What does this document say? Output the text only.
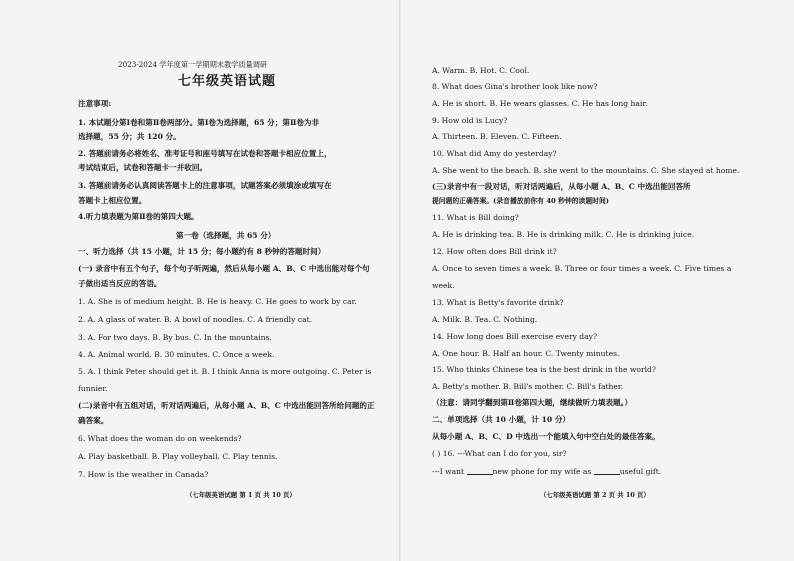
2023-2024 学年度第一学期期末教学质量调研
七年级英语试题
注意事项:
1. 本试题分第Ⅰ卷和第Ⅱ卷两部分。第Ⅰ卷为选择题，65 分；第Ⅱ卷为非
选择题，55 分；共 120 分。
2. 答题前请务必将姓名、准考证号和座号填写在试卷和答题卡相应位置上，
考试结束后，试卷和答题卡一并收回。
3. 答题前请务必认真阅读答题卡上的注意事项，试题答案必须填涂或填写在
答题卡上相应位置。
4.听力填表题为第Ⅱ卷的第四大题。
第一卷（选择题，共 65 分）
一、听力选择（共 15 小题，计 15 分；每小题约有 8 秒钟的答题时间）
(一) 录音中有五个句子，每个句子听两遍，然后从每小题 A、B、C 中选出能对每个句
子做出适当反应的答语。
1. A. She is of medium height. B. He is heavy. C. He goes to work by car.
2. A. A glass of water. B. A bowl of noodles. C. A friendly cat.
3. A. For two days. B. By bus. C. In the mountains.
4. A. Animal world. B. 30 minutes. C. Once a week.
5. A. I think Peter should get it. B. I think Anna is more outgoing. C. Peter is
funnier.
(二)录音中有五组对话，听对话两遍后，从每小题 A、B、C 中选出能回答所给问题的正
确答案。
6. What does the woman do on weekends?
A. Play basketball. B. Play volleyball. C. Play tennis.
7. How is the weather in Canada?
（七年级英语试题 第 1 页 共 10 页）
A. Warm. B. Hot. C. Cool.
8. What does Gina's brother look like now?
A. He is short. B. He wears glasses. C. He has long hair.
9. How old is Lucy?
A. Thirteen. B. Eleven. C. Fifteen.
10. What did Amy do yesterday?
A. She went to the beach. B. she went to the mountains. C. She stayed at home.
(三)录音中有一段对话，听对话两遍后，从每小题 A、B、C 中选出能回答所
提问题的正确答案。(录音播放前你有 40 秒钟的读题时间)
11. What is Bill doing?
A. He is drinking tea. B. He is drinking milk. C. He is drinking juice.
12. How often does Bill drink it?
A. Once to seven times a week. B. Three or four times a week. C. Five times a
week.
13. What is Betty's favorite drink?
A. Milk. B. Tea. C. Nothing.
14. How long does Bill exercise every day?
A. One hour. B. Half an hour. C. Twenty minutes.
15. Who thinks Chinese tea is the best drink in the world?
A. Betty's mother. B. Bill's mother. C. Bill's father.
（注意：请同学翻到第Ⅱ卷第四大题，继续做听力填表题。）
二、单项选择（共 10 小题，计 10 分）
从每小题 A、B、C、D 中选出一个能填入句中空白处的最佳答案。
( ) 16. ---What can I do for you, sir?
---I want	new phone for my wife as	useful gift.
（七年级英语试题 第 2 页 共 10 页）
